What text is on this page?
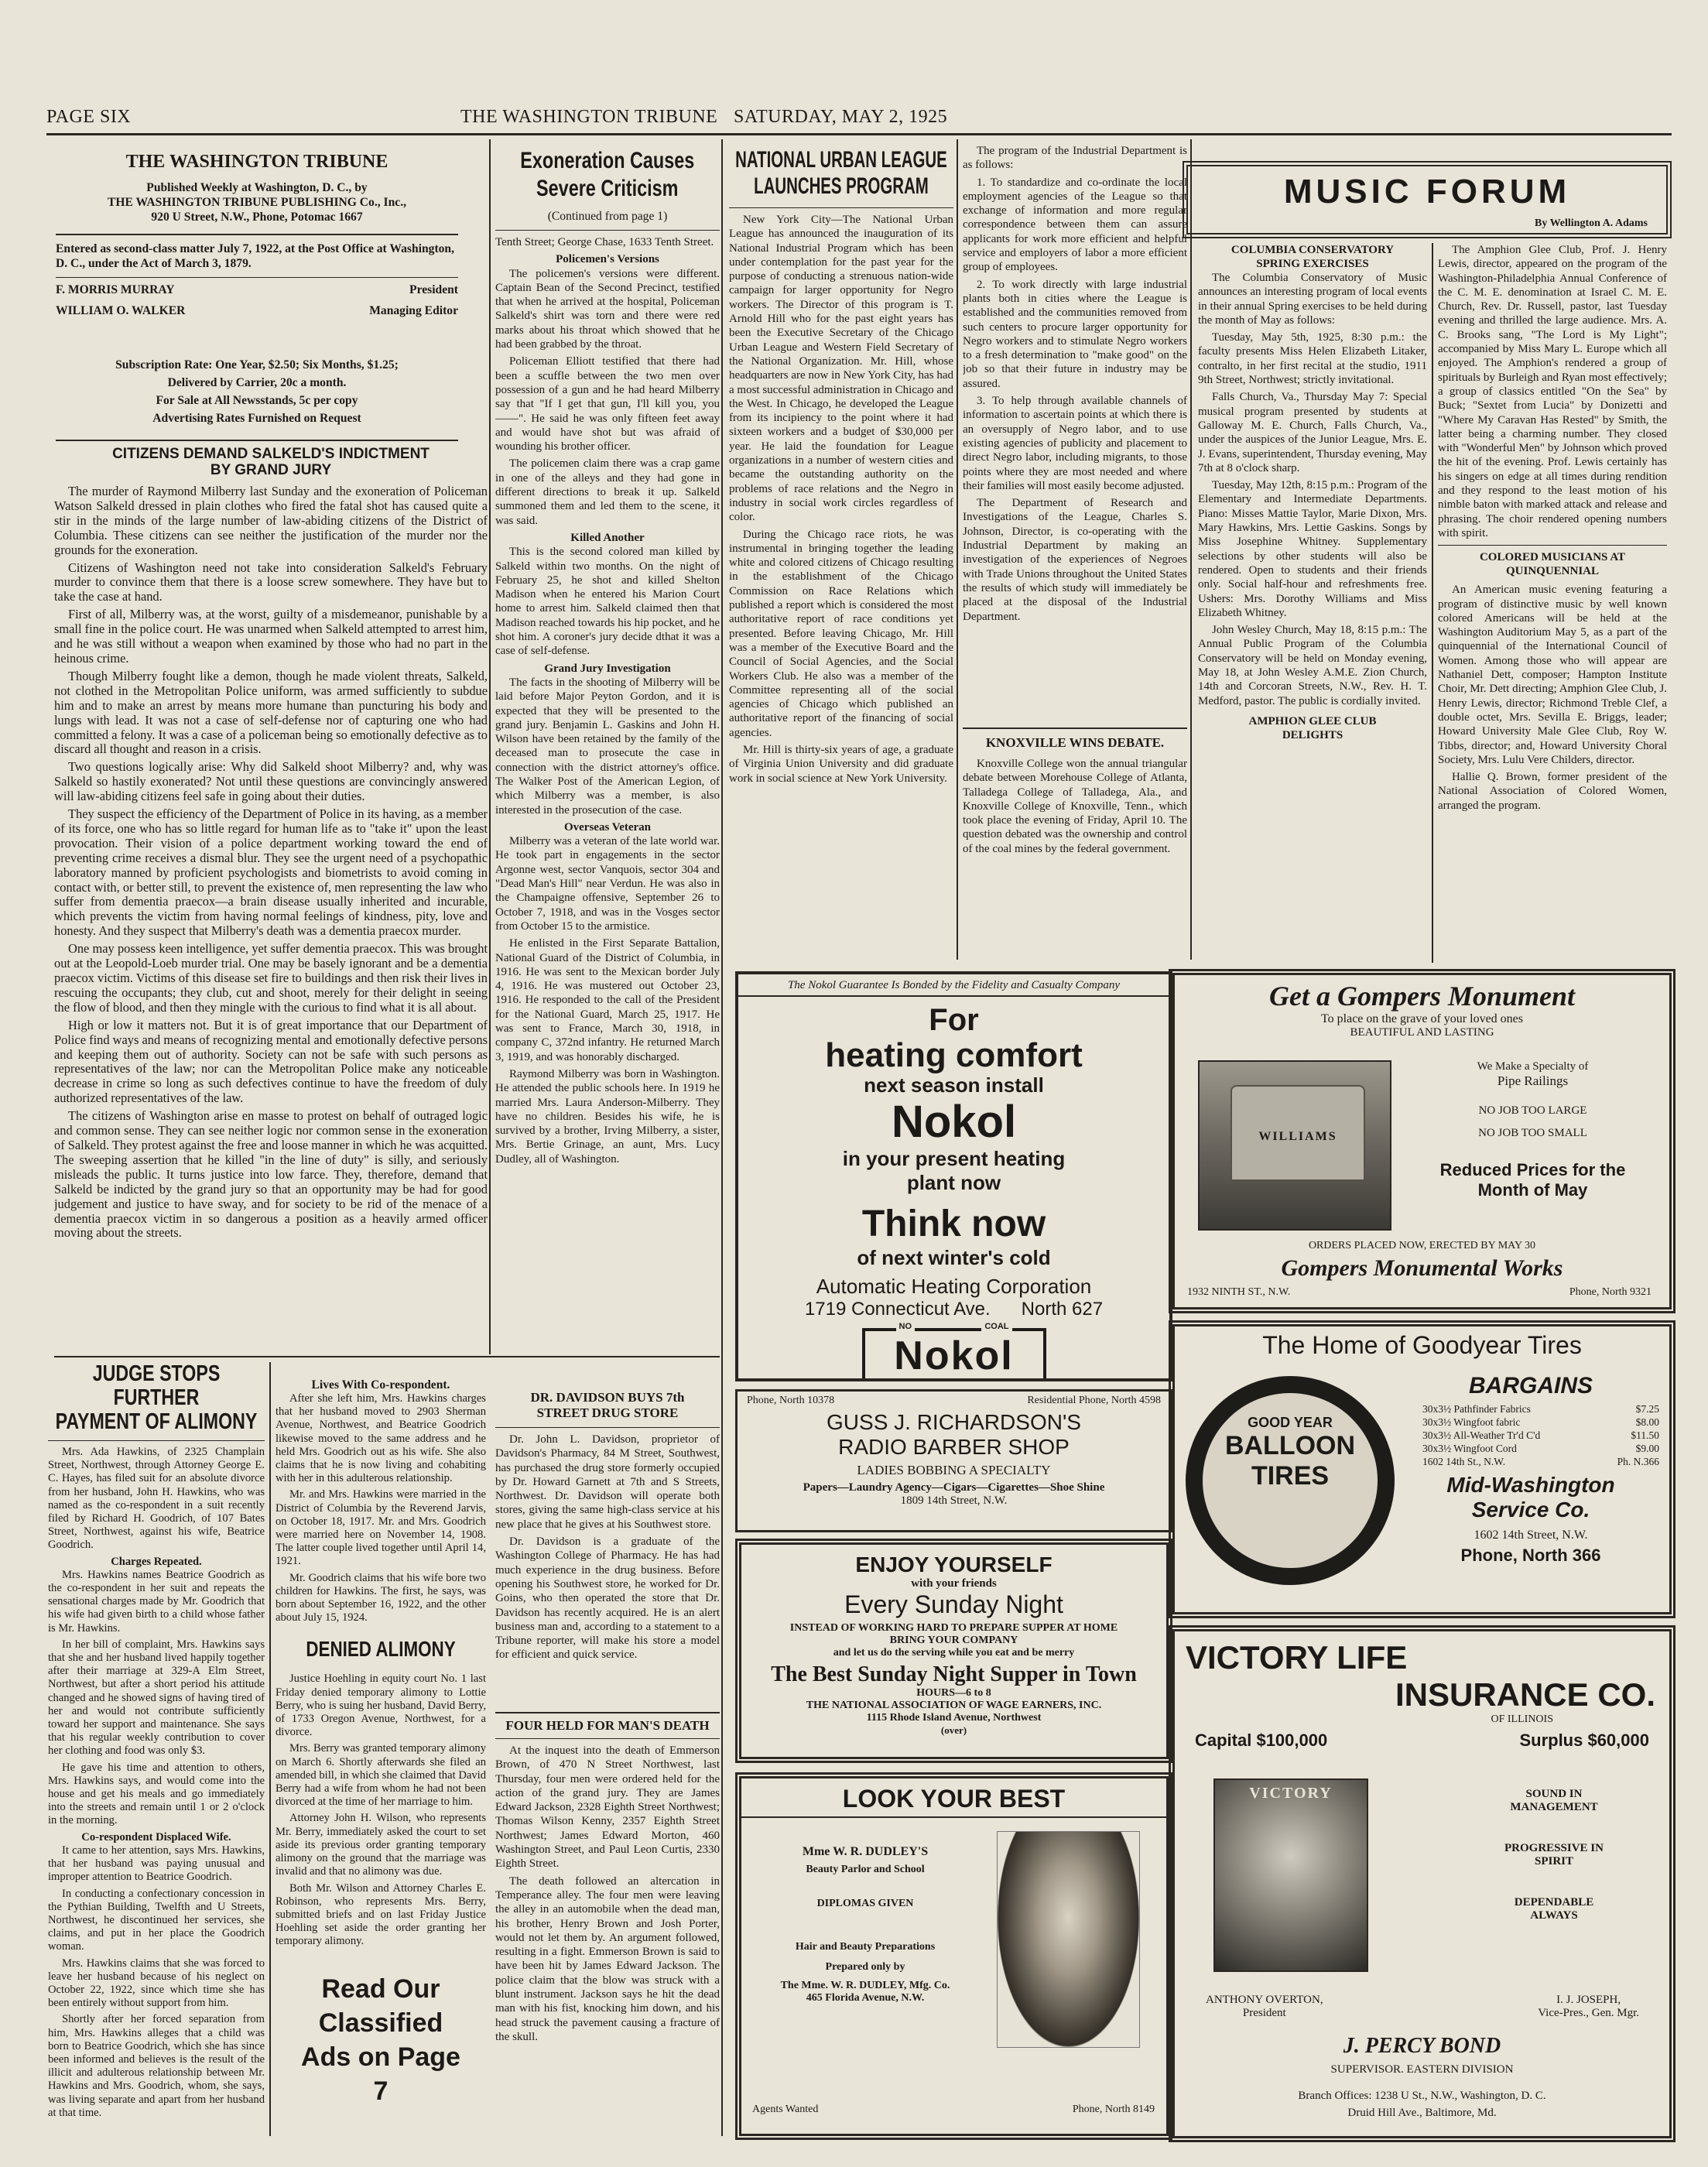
PAGE SIX	THE WASHINGTON TRIBUNE SATURDAY, MAY 2, 1925
THE WASHINGTON TRIBUNE
Published Weekly at Washington, D. C., by
THE WASHINGTON TRIBUNE PUBLISHING Co., Inc.,
920 U Street, N.W., Phone, Potomac 1667
Entered as second-class matter July 7, 1922, at the Post Office at Washington, D. C., under the Act of March 3, 1879.
F. MORRIS MURRAY	President
WILLIAM O. WALKER	Managing Editor
Subscription Rate: One Year, $2.50; Six Months, $1.25;
Delivered by Carrier, 20c a month.
For Sale at All Newsstands, 5c per copy
Advertising Rates Furnished on Request
CITIZENS DEMAND SALKELD'S INDICTMENT BY GRAND JURY

The murder of Raymond Milberry last Sunday and the exoneration of Policeman Watson Salkeld dressed in plain clothes who fired the fatal shot has caused quite a stir in the minds of the large number of law-abiding citizens of the District of Columbia. These citizens can see neither the justification of the murder nor the grounds for the exoneration.

Citizens of Washington need not take into consideration Salkeld's February murder to convince them that there is a loose screw somewhere. They have but to take the case at hand.

First of all, Milberry was, at the worst, guilty of a misdemeanor, punishable by a small fine in the police court. He was unarmed when Salkeld attempted to arrest him, and he was still without a weapon when examined by those who had no part in the heinous crime.

Though Milberry fought like a demon, though he made violent threats, Salkeld, not clothed in the Metropolitan Police uniform, was armed sufficiently to subdue him and to make an arrest by means more humane than puncturing his body and lungs with lead. It was not a case of self-defense nor of capturing one who had committed a felony. It was a case of a policeman being so emotionally defective as to discard all thought and reason in a crisis.

Two questions logically arise: Why did Salkeld shoot Milberry? and, why was Salkeld so hastily exonerated? Not until these questions are convincingly answered will law-abiding citizens feel safe in going about their duties.

They suspect the efficiency of the Department of Police in its having, as a member of its force, one who has so little regard for human life as to "take it" upon the least provocation. Their vision of a police department working toward the end of preventing crime receives a dismal blur. They see the urgent need of a psychopathic laboratory manned by proficient psychologists and biometrists to avoid coming in contact with, or better still, to prevent the existence of, men representing the law who suffer from dementia praecox—a brain disease usually inherited and incurable, which prevents the victim from having normal feelings of kindness, pity, love and honesty. And they suspect that Milberry's death was a dementia praecox murder.

One may possess keen intelligence, yet suffer dementia praecox. This was brought out at the Leopold-Loeb murder trial. One may be basely ignorant and be a dementia praecox victim. Victims of this disease set fire to buildings and then risk their lives in rescuing the occupants; they club, cut and shoot, merely for their delight in seeing the flow of blood, and then they mingle with the curious to find what it is all about.

High or low it matters not. But it is of great importance that our Department of Police find ways and means of recognizing mental and emotionally defective persons and keeping them out of authority. Society can not be safe with such persons as representatives of the law; nor can the Metropolitan Police make any noticeable decrease in crime so long as such defectives continue to have the freedom of duly authorized representatives of the law.

The citizens of Washington arise en masse to protest on behalf of outraged logic and common sense. They can see neither logic nor common sense in the exoneration of Salkeld. They protest against the free and loose manner in which he was acquitted. The sweeping assertion that he killed "in the line of duty" is silly, and seriously misleads the public. It turns justice into low farce. They, therefore, demand that Salkeld be indicted by the grand jury so that an opportunity may be had for good judgement and justice to have sway, and for society to be rid of the menace of a dementia praecox victim in so dangerous a position as a heavily armed officer moving about the streets.

JUDGE STOPS FURTHER
PAYMENT OF ALIMONY

Mrs. Ada Hawkins, of 2325 Champlain Street, Northwest, through Attorney George E. C. Hayes, has filed suit for an absolute divorce from her husband, John H. Hawkins, who was named as the co-respondent in a suit recently filed by Richard H. Goodrich, of 107 Bates Street, Northwest, against his wife, Beatrice Goodrich.

Charges Repeated.

Mrs. Hawkins names Beatrice Goodrich as the co-respondent in her suit and repeats the sensational charges made by Mr. Goodrich that his wife had given birth to a child whose father is Mr. Hawkins.

In her bill of complaint, Mrs. Hawkins says that she and her husband lived happily together after their marriage at 329-A Elm Street, Northwest, but after a short period his attitude changed and he showed signs of having tired of her and would not contribute sufficiently toward her support and maintenance. She says that his regular weekly contribution to cover her clothing and food was only $3.

He gave his time and attention to others, Mrs. Hawkins says, and would come into the house and get his meals and go immediately into the streets and remain until 1 or 2 o'clock in the morning.

Co-respondent Displaced Wife.

It came to her attention, says Mrs. Hawkins, that her husband was paying unusual and improper attention to Beatrice Goodrich.

In conducting a confectionary concession in the Pythian Building, Twelfth and U Streets, Northwest, he discontinued her services, she claims, and put in her place the Goodrich woman.

Mrs. Hawkins claims that she was forced to leave her husband because of his neglect on October 22, 1922, since which time she has been entirely without support from him.

Shortly after her forced separation from him, Mrs. Hawkins alleges that a child was born to Beatrice Goodrich, which she has since been informed and believes is the result of the illicit and adulterous relationship between Mr. Hawkins and Mrs. Goodrich, whom, she says, was living separate and apart from her husband at that time.

Lives With Co-respondent.

After she left him, Mrs. Hawkins charges that her husband moved to 2903 Sherman Avenue, Northwest, and Beatrice Goodrich likewise moved to the same address and he held Mrs. Goodrich out as his wife. She also claims that he is now living and cohabiting with her in this adulterous relationship.

Mr. and Mrs. Hawkins were married in the District of Columbia by the Reverend Jarvis, on October 18, 1917. Mr. and Mrs. Goodrich were married here on November 14, 1908. The latter couple lived together until April 14, 1921.

Mr. Goodrich claims that his wife bore two children for Hawkins. The first, he says, was born about September 16, 1922, and the other about July 15, 1924.

DENIED ALIMONY

Justice Hoehling in equity court No. 1 last Friday denied temporary alimony to Lottie Berry, who is suing her husband, David Berry, of 1733 Oregon Avenue, Northwest, for a divorce.

Mrs. Berry was granted temporary alimony on March 6. Shortly afterwards she filed an amended bill, in which she claimed that David Berry had a wife from whom he had not been divorced at the time of her marriage to him.

Attorney John H. Wilson, who represents Mr. Berry, immediately asked the court to set aside its previous order granting temporary alimony on the ground that the marriage was invalid and that no alimony was due.

Both Mr. Wilson and Attorney Charles E. Robinson, who represents Mrs. Berry, submitted briefs and on last Friday Justice Hoehling set aside the order granting her temporary alimony.

Read Our Classified Ads on Page 7
Exoneration Causes
Severe Criticism
(Continued from page 1)

Tenth Street; George Chase, 1633 Tenth Street.

Policemen's Versions

The policemen's versions were different. Captain Bean of the Second Precinct, testified that when he arrived at the hospital, Policeman Salkeld's shirt was torn and there were red marks about his throat which showed that he had been grabbed by the throat.

Policeman Elliott testified that there had been a scuffle between the two men over possession of a gun and he had heard Milberry say that "If I get that gun, I'll kill you, you ——". He said he was only fifteen feet away and would have shot but was afraid of wounding his brother officer.

The policemen claim there was a crap game in one of the alleys and they had gone in different directions to break it up. Salkeld summoned them and led them to the scene, it was said.

Killed Another

This is the second colored man killed by Salkeld within two months. On the night of February 25, he shot and killed Shelton Madison when he entered his Marion Court home to arrest him. Salkeld claimed then that Madison reached towards his hip pocket, and he shot him. A coroner's jury decide dthat it was a case of self-defense.

Grand Jury Investigation

The facts in the shooting of Milberry will be laid before Major Peyton Gordon, and it is expected that they will be presented to the grand jury. Benjamin L. Gaskins and John H. Wilson have been retained by the family of the deceased man to prosecute the case in connection with the district attorney's office. The Walker Post of the American Legion, of which Milberry was a member, is also interested in the prosecution of the case.

Overseas Veteran

Milberry was a veteran of the late world war. He took part in engagements in the sector Argonne west, sector Vanquois, sector 304 and "Dead Man's Hill" near Verdun. He was also in the Champaigne offensive, September 26 to October 7, 1918, and was in the Vosges sector from October 15 to the armistice.

He enlisted in the First Separate Battalion, National Guard of the District of Columbia, in 1916. He was sent to the Mexican border July 4, 1916. He was mustered out October 23, 1916. He responded to the call of the President for the National Guard, March 25, 1917. He was sent to France, March 30, 1918, in company C, 372nd infantry. He returned March 3, 1919, and was honorably discharged.

Raymond Milberry was born in Washington. He attended the public schools here. In 1919 he married Mrs. Laura Anderson-Milberry. They have no children. Besides his wife, he is survived by a brother, Irving Milberry, a sister, Mrs. Bertie Grinage, an aunt, Mrs. Lucy Dudley, all of Washington.

DR. DAVIDSON BUYS 7th STREET DRUG STORE

Dr. John L. Davidson, proprietor of Davidson's Pharmacy, 84 M Street, Southwest, has purchased the drug store formerly occupied by Dr. Howard Garnett at 7th and S Streets, Northwest. Dr. Davidson will operate both stores, giving the same high-class service at his new place that he gives at his Southwest store.

Dr. Davidson is a graduate of the Washington College of Pharmacy. He has had much experience in the drug business. Before opening his Southwest store, he worked for Dr. Goins, who then operated the store that Dr. Davidson has recently acquired. He is an alert business man and, according to a statement to a Tribune reporter, will make his store a model for efficient and quick service.

FOUR HELD FOR MAN'S DEATH

At the inquest into the death of Emmerson Brown, of 470 N Street Northwest, last Thursday, four men were ordered held for the action of the grand jury. They are James Edward Jackson, 2328 Eighth Street Northwest; Thomas Wilson Kenny, 2357 Eighth Street Northwest; James Edward Morton, 460 Washington Street, and Paul Leon Curtis, 2330 Eighth Street.

The death followed an altercation in Temperance alley. The four men were leaving the alley in an automobile when the dead man, his brother, Henry Brown and Josh Porter, would not let them by. An argument followed, resulting in a fight. Emmerson Brown is said to have been hit by James Edward Jackson. The police claim that the blow was struck with a blunt instrument. Jackson says he hit the dead man with his fist, knocking him down, and his head struck the pavement causing a fracture of the skull.

NATIONAL URBAN LEAGUE
LAUNCHES PROGRAM

New York City—The National Urban League has announced the inauguration of its National Industrial Program which has been under contemplation for the past year for the purpose of conducting a strenuous nation-wide campaign for larger opportunity for Negro workers. The Director of this program is T. Arnold Hill who for the past eight years has been the Executive Secretary of the Chicago Urban League and Western Field Secretary of the National Organization. Mr. Hill, whose headquarters are now in New York City, has had a most successful administration in Chicago and the West. In Chicago, he developed the League from its incipiency to the point where it had sixteen workers and a budget of $30,000 per year. He laid the foundation for League organizations in a number of western cities and became the outstanding authority on the problems of race relations and the Negro in industry in social work circles regardless of color.

During the Chicago race riots, he was instrumental in bringing together the leading white and colored citizens of Chicago resulting in the establishment of the Chicago Commission on Race Relations which published a report which is considered the most authoritative report of race conditions yet presented. Before leaving Chicago, Mr. Hill was a member of the Executive Board and the Council of Social Agencies, and the Social Workers Club. He also was a member of the Committee representing all of the social agencies of Chicago which published an authoritative report of the financing of social agencies.

Mr. Hill is thirty-six years of age, a graduate of Virginia Union University and did graduate work in social science at New York University.

The program of the Industrial Department is as follows:

1. To standardize and co-ordinate the local employment agencies of the League so that exchange of information and more regular correspondence between them can assure applicants for work more efficient and helpful service and employers of labor a more efficient group of employees.

2. To work directly with large industrial plants both in cities where the League is established and the communities removed from such centers to procure larger opportunity for Negro workers and to stimulate Negro workers to a fresh determination to "make good" on the job so that their future in industry may be assured.

3. To help through available channels of information to ascertain points at which there is an oversupply of Negro labor, and to use existing agencies of publicity and placement to direct Negro labor, including migrants, to those points where they are most needed and where their families will most easily become adjusted.

The Department of Research and Investigations of the League, Charles S. Johnson, Director, is co-operating with the Industrial Department by making an investigation of the experiences of Negroes with Trade Unions throughout the United States the results of which study will immediately be placed at the disposal of the Industrial Department.

KNOXVILLE WINS DEBATE.

Knoxville College won the annual triangular debate between Morehouse College of Atlanta, Talladega College of Talladega, Ala., and Knoxville College of Knoxville, Tenn., which took place the evening of Friday, April 10. The question debated was the ownership and control of the coal mines by the federal government.

The Nokol Guarantee Is Bonded by the Fidelity and Casualty Company
For
heating comfort
next season install
Nokol
in your present heating
plant now
Think now
of next winter's cold
Automatic Heating Corporation
1719 Connecticut Ave. North 627
NO	COAL
Nokol
Phone, North 10378	Residential Phone, North 4598
GUSS J. RICHARDSON'S
RADIO BARBER SHOP
LADIES BOBBING A SPECIALTY
Papers—Laundry Agency—Cigars—Cigarettes—Shoe Shine
1809 14th Street, N.W.
ENJOY YOURSELF
with your friends
Every Sunday Night
INSTEAD OF WORKING HARD TO PREPARE SUPPER AT HOME
BRING YOUR COMPANY
and let us do the serving while you eat and be merry
The Best Sunday Night Supper in Town
HOURS—6 to 8
THE NATIONAL ASSOCIATION OF WAGE EARNERS, INC.
1115 Rhode Island Avenue, Northwest
(over)
LOOK YOUR BEST
Mme W. R. DUDLEY'S
Beauty Parlor and School
DIPLOMAS GIVEN
Hair and Beauty Preparations
Prepared only by
The Mme. W. R. DUDLEY, Mfg. Co.
465 Florida Avenue, N.W.
Agents Wanted	Phone, North 8149
MUSIC FORUM
By Wellington A. Adams
COLUMBIA CONSERVATORY SPRING EXERCISES

The Columbia Conservatory of Music announces an interesting program of local events in their annual Spring exercises to be held during the month of May as follows:

Tuesday, May 5th, 1925, 8:30 p.m.: the faculty presents Miss Helen Elizabeth Litaker, contralto, in her first recital at the studio, 1911 9th Street, Northwest; strictly invitational.

Falls Church, Va., Thursday May 7: Special musical program presented by students at Galloway M. E. Church, Falls Church, Va., under the auspices of the Junior League, Mrs. E. J. Evans, superintendent, Thursday evening, May 7th at 8 o'clock sharp.

Tuesday, May 12th, 8:15 p.m.: Program of the Elementary and Intermediate Departments. Piano: Misses Mattie Taylor, Marie Dixon, Mrs. Mary Hawkins, Mrs. Lettie Gaskins. Songs by Miss Josephine Whitney. Supplementary selections by other students will also be rendered. Open to students and their friends only. Social half-hour and refreshments free. Ushers: Mrs. Dorothy Williams and Miss Elizabeth Whitney.

John Wesley Church, May 18, 8:15 p.m.: The Annual Public Program of the Columbia Conservatory will be held on Monday evening, May 18, at John Wesley A.M.E. Zion Church, 14th and Corcoran Streets, N.W., Rev. H. T. Medford, pastor. The public is cordially invited.

AMPHION GLEE CLUB DELIGHTS

The Amphion Glee Club, Prof. J. Henry Lewis, director, appeared on the program of the Washington-Philadelphia Annual Conference of the C. M. E. denomination at Israel C. M. E. Church, Rev. Dr. Russell, pastor, last Tuesday evening and thrilled the large audience. Mrs. A. C. Brooks sang, "The Lord is My Light"; accompanied by Miss Mary L. Europe which all enjoyed. The Amphion's rendered a group of spirituals by Burleigh and Ryan most effectively; a group of classics entitled "On the Sea" by Buck; "Sextet from Lucia" by Donizetti and "Where My Caravan Has Rested" by Smith, the latter being a charming number. They closed with "Wonderful Men" by Johnson which proved the hit of the evening. Prof. Lewis certainly has his singers on edge at all times during rendition and they respond to the least motion of his nimble baton with marked attack and release and phrasing. The choir rendered opening numbers with spirit.

COLORED MUSICIANS AT QUINQUENNIAL

An American music evening featuring a program of distinctive music by well known colored Americans will be held at the Washington Auditorium May 5, as a part of the quinquennial of the International Council of Women. Among those who will appear are Nathaniel Dett, composer; Hampton Institute Choir, Mr. Dett directing; Amphion Glee Club, J. Henry Lewis, director; Richmond Treble Clef, a double octet, Mrs. Sevilla E. Briggs, leader; Howard University Male Glee Club, Roy W. Tibbs, director; and, Howard University Choral Society, Mrs. Lulu Vere Childers, director.

Hallie Q. Brown, former president of the National Association of Colored Women, arranged the program.

Get a Gompers Monument
To place on the grave of your loved ones
BEAUTIFUL AND LASTING
WILLIAMS
We Make a Specialty of
Pipe Railings
NO JOB TOO LARGE
NO JOB TOO SMALL
Reduced Prices for the
Month of May
ORDERS PLACED NOW, ERECTED BY MAY 30
Gompers Monumental Works
1932 NINTH ST., N.W.	Phone, North 9321
The Home of Goodyear Tires
GOOD YEAR
BALLOON
TIRES
BARGAINS
30x3½ Pathfinder Fabrics	$7.25
30x3½ Wingfoot fabric	$8.00
30x3½ All-Weather Tr'd C'd	$11.50
30x3½ Wingfoot Cord	$9.00
1602 14th St., N.W.	Ph. N.366
Mid-Washington
Service Co.
1602 14th Street, N.W.
Phone, North 366
VICTORY LIFE
INSURANCE CO.
OF ILLINOIS
Capital $100,000	Surplus $60,000
VICTORY	SOUND IN
MANAGEMENT
PROGRESSIVE IN
SPIRIT
DEPENDABLE
ALWAYS
ANTHONY OVERTON,
President
I. J. JOSEPH,
Vice-Pres., Gen. Mgr.
J. PERCY BOND
SUPERVISOR. EASTERN DIVISION
Branch Offices: 1238 U St., N.W., Washington, D. C.
Druid Hill Ave., Baltimore, Md.
